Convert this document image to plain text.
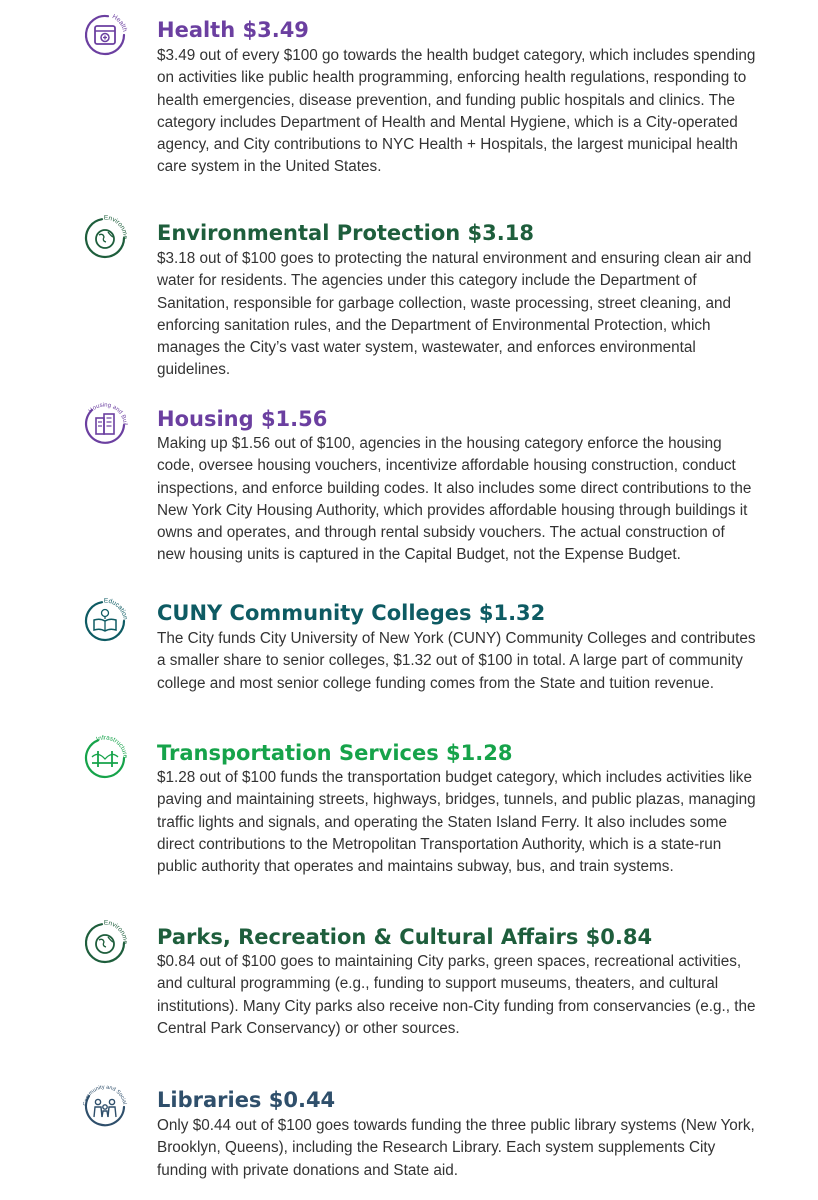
Health Health $3.49

$3.49 out of every $100 go towards the health budget category, which includes spending on activities like public health programming, enforcing health regulations, responding to health emergencies, disease prevention, and funding public hospitals and clinics. The category includes Department of Health and Mental Hygiene, which is a City-operated agency, and City contributions to NYC Health + Hospitals, the largest municipal health care system in the United States.

Environment
Environmental Protection $3.18

$3.18 out of $100 goes to protecting the natural environment and ensuring clean air and water for residents. The agencies under this category include the Department of Sanitation, responsible for garbage collection, waste processing, street cleaning, and enforcing sanitation rules, and the Department of Environmental Protection, which manages the City’s vast water system, wastewater, and enforces environmental guidelines.

Housing and Buildings
Housing $1.56

Making up $1.56 out of $100, agencies in the housing category enforce the housing code, oversee housing vouchers, incentivize affordable housing construction, conduct inspections, and enforce building codes. It also includes some direct contributions to the New York City Housing Authority, which provides affordable housing through buildings it owns and operates, and through rental subsidy vouchers. The actual construction of new housing units is captured in the Capital Budget, not the Expense Budget.

Education CUNY Community Colleges $1.32

The City funds City University of New York (CUNY) Community Colleges and contributes a smaller share to senior colleges, $1.32 out of $100 in total. A large part of community college and most senior college funding comes from the State and tuition revenue.

Infrastructure Transportation Services $1.28

$1.28 out of $100 funds the transportation budget category, which includes activities like paving and maintaining streets, highways, bridges, tunnels, and public plazas, managing traffic lights and signals, and operating the Staten Island Ferry. It also includes some direct contributions to the Metropolitan Transportation Authority, which is a state-run public authority that operates and maintains subway, bus, and train systems.

Environment
Parks, Recreation & Cultural Affairs $0.84

$0.84 out of $100 goes to maintaining City parks, green spaces, recreational activities, and cultural programming (e.g., funding to support museums, theaters, and cultural institutions). Many City parks also receive non-City funding from conservancies (e.g., the Central Park Conservancy) or other sources.

Community and Social Services
Libraries $0.44

Only $0.44 out of $100 goes towards funding the three public library systems (New York, Brooklyn, Queens), including the Research Library. Each system supplements City funding with private donations and State aid.
